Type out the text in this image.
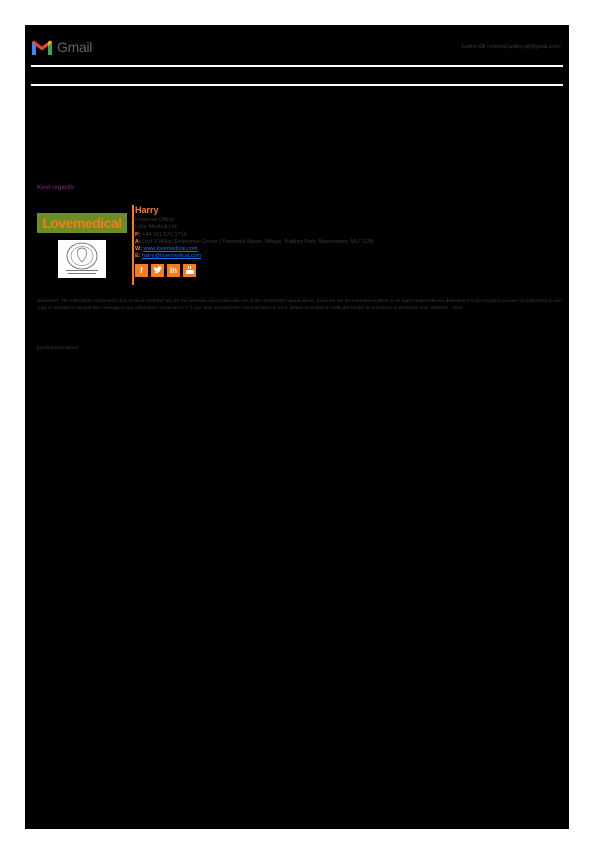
Gmail	Justine Gill <chemist.justine.gill@gmail.com>
Kind regards
Lovemedical
Harry
Financial Officer
Love Medical Ltd
P: +44 161 676 3714
A: Unit 1 Willan Enterprise Centre | Frederick Street, Village, Trafford Park, Manchester, M17 1DB
W: www.lovemedical.com
E: harry@lovemedical.com
f	in
Disclaimer: The information contained in this email is intended only for the personal and confidential use of the recipient(s) named above. If you are not the intended recipient or an agent responsible for delivering it to the recipient you are not authorised to use, copy or disclose to anyone this message or any information contained in it. If you have received this communication in error, please immediately notify the sender by telephone or electronic mail. 9605091 : 2015
[Quoted text hidden]
